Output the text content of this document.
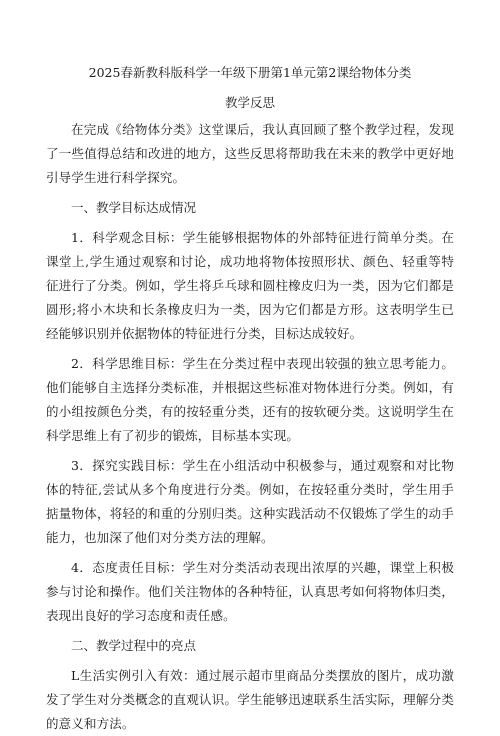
2025春新教科版科学一年级下册第1单元第2课给物体分类

教学反思

在完成《给物体分类》这堂课后，我认真回顾了整个教学过程，发现了一些值得总结和改进的地方，这些反思将帮助我在未来的教学中更好地引导学生进行科学探究。

一、教学目标达成情况

1．科学观念目标：学生能够根据物体的外部特征进行简单分类。在课堂上,学生通过观察和讨论，成功地将物体按照形状、颜色、轻重等特征进行了分类。例如，学生将乒乓球和圆柱橡皮归为一类，因为它们都是圆形;将小木块和长条橡皮归为一类，因为它们都是方形。这表明学生已经能够识别并依据物体的特征进行分类，目标达成较好。

2．科学思维目标：学生在分类过程中表现出较强的独立思考能力。他们能够自主选择分类标准，并根据这些标准对物体进行分类。例如，有的小组按颜色分类，有的按轻重分类，还有的按软硬分类。这说明学生在科学思维上有了初步的锻炼，目标基本实现。

3．探究实践目标：学生在小组活动中积极参与，通过观察和对比物体的特征,尝试从多个角度进行分类。例如，在按轻重分类时，学生用手掂量物体，将轻的和重的分别归类。这种实践活动不仅锻炼了学生的动手能力，也加深了他们对分类方法的理解。

4．态度责任目标：学生对分类活动表现出浓厚的兴趣，课堂上积极参与讨论和操作。他们关注物体的各种特征，认真思考如何将物体归类，表现出良好的学习态度和责任感。

二、教学过程中的亮点

L生活实例引入有效：通过展示超市里商品分类摆放的图片，成功激发了学生对分类概念的直观认识。学生能够迅速联系生活实际，理解分类的意义和方法。
